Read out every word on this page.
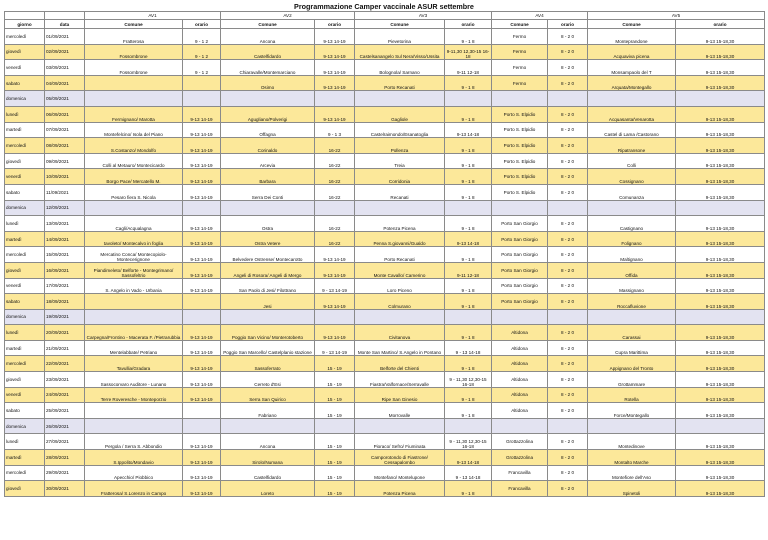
Programmazione Camper vaccinale ASUR settembre
		AV1		AV2		AV3		AV4		AV5	
giorno	data	Comune	orario	Comune	orario	Comune	orario	Comune	orario	Comune	orario
mercoledì	01/09/2021	Fratterosa	9 - 1 2	Ancona	9-13 14-19	Pievetorina	9 - 1 8	Fermo	8 - 2 0	Monteprandone	9-13 15-18,30
giovedì	02/09/2021	Fossombrone	9 - 1 2	Castelfidardo	9-13 14-19	Castelsanangelo Sul Nera/Visso/Ussita	9-11,30 12,30-15 16-18	Fermo	8 - 2 0	Acquaviva picena	9-13 15-18,30
venerdì	03/09/2021	Fossombrone	9 - 1 2	Chiaravalle/Montemarciano	9-13 14-19	Bolognola/ Sarnano	9-11 12-18	Fermo	8 - 2 0	Monsampaolo del T	9-13 15-18,30
sabato	04/09/2021			Osimo	9-13 14-19	Porto Recanati	9 - 1 8	Fermo	8 - 2 0	Arquata/Montegallo	9-13 15-18,30
domenica	05/09/2021										
lunedì	06/09/2021	Fermignano/ Marotta	9-13 14-19	Agugliano/Polverigi	9-13 14-19	Gagliole	9 - 1 8	Porto S. Elpidio	8 - 2 0	Acquasanta/Venarotta	9-13 15-18,30
martedì	07/09/2021	Montefelcino/ Isola del Piano	9-13 14-19	Offagna	9 - 1 3	Castelraimondo/Esanatoglia	9-13 14-18	Porto S. Elpidio	8 - 2 0	Castel di Lama /Castorano	9-13 15-18,30
mercoledì	08/09/2021	S.Costanzo/ Mondolfo	9-13 14-19	Corinaldo	16-22	Pollenza	9 - 1 8	Porto S. Elpidio	8 - 2 0	Ripatransone	9-13 15-18,30
giovedì	09/09/2021	Colli al Metauro/ Montecicardo	9-13 14-19	Arcevia	16-22	Treia	9 - 1 8	Porto S. Elpidio	8 - 2 0	Colli	9-13 15-18,30
venerdì	10/09/2021	Borgo Pace/ Mercatello M.	9-13 14-19	Barbara	16-22	Corridonia	9 - 1 8	Porto S. Elpidio	8 - 2 0	Cossignano	9-13 15-18,30
sabato	11/09/2021	Pesaro fiera S. Nicola	9-13 14-19	Serra Dei Conti	16-22	Recanati	9 - 1 8	Porto S. Elpidio	8 - 2 0	Comunanza	9-13 15-18,30
domenica	12/09/2021										
lunedì	13/09/2021	Cagli/Acqualagna	9-13 14-19	Ostra	16-22	Potenza Picena	9 - 1 8	Porto San Giorgio	8 - 2 0	Castignano	9-13 15-18,30
martedì	14/09/2021	tavoleto/ Montecalvo in foglia	9-13 14-19	Ostra Vetere	16-22	Penna S.giovanni/Gualdo	9-13 14-18	Porto San Giorgio	8 - 2 0	Folignano	9-13 15-18,30
mercoledì	15/09/2021	Mercatino Conca/ Montecopiolo-Montecerignone	9-13 14-19	Belvedere Ostrense/ Montecarotto	9-13 14-19	Porto Recanati	9 - 1 8	Porto San Giorgio	8 - 2 0	Maltignano	9-13 15-18,30
giovedì	16/09/2021	Piandimeleto/ Belforte - Montegrimano/ Sassofeltrio	9-13 14-19	Angeli di Rosora/ Angeli di Mergo	9-13 14-19	Monte Cavallo/ Camerino	9-11 12-18	Porto San Giorgio	8 - 2 0	Offida	9-13 15-18,30
venerdì	17/09/2021	S. Angelo in Vado - Urbania	9-13 14-19	San Paolo di Jesi/ Filottrano	9 - 13 14-19	Loro Piceno	9 - 1 8	Porto San Giorgio	8 - 2 0	Massignano	9-13 15-18,30
sabato	18/09/2021			Jesi	9-13 14-19	Colmurano	9 - 1 8	Porto San Giorgio	8 - 2 0	Roccafluvione	9-13 15-18,30
domenica	19/09/2021										
lunedì	20/09/2021	Carpegna/Frontino - Macerata F. /Pietrarubbia	9-13 14-19	Poggio San Vicino/ Monterotoberto	9-13 14-19	Civitanova	9 - 1 8	Altidona	8 - 2 0	Carassai	9-13 15-18,30
martedì	21/09/2021	Mentelabbate/ Petriano	9-13 14-19	Poggio San Marcello/ Castelplanio stazione	9 - 13 14-19	Monte San Martino/ S.Angelo in Pontano	9 - 13 14-18	Altidona	8 - 2 0	Cupra Marittima	9-13 15-18,30
mercoledì	22/09/2021	Tavullia/Gradara	9-13 14-19	Sassoferrato	15 - 19	Belforte del Chienti	9 - 1 8	Altidona	8 - 2 0	Appignano del Tronto	9-13 15-18,30
giovedì	23/09/2021	Sassocorvaro Auditore - Lunano	9-13 14-19	Cerreto d'Esi	15 - 19	Fiastra/Valfornace/Serravalle	9 - 11,30 12,30-15 16-18	Altidona	8 - 2 0	Grottammare	9-13 15-18,30
venerdì	24/09/2021	Terre Roveresche - Monteporzio	9-13 14-19	Serra San Quirico	15 - 19	Ripe San Ginesio	9 - 1 8	Altidona	8 - 2 0	Rotella	9-13 15-18,30
sabato	25/09/2021			Fabriano	15 - 19	Morrovalle	9 - 1 8	Altidona	8 - 2 0	Force/Montegallo	9-13 15-18,30
domenica	26/09/2021										
lunedì	27/09/2021	Pergola / Serra S. Abbondio	9-13 14-19	Ancona	15 - 19	Pioraco/ Sefro/ Fiuminata	9 - 11,30 12,30-15 16-18	Grottazzolina	8 - 2 0	Montedinove	9-13 15-18,30
martedì	28/09/2021	S.Ippolito/Mondavio	9-13 14-19	Sirolo/Numana	15 - 19	Camporotondo di Fiastrone/ Cessapalombo	9-13 14-18	Grottazzolina	8 - 2 0	Montalto Marche	9-13 15-18,30
mercoledì	29/09/2021	Apecchio/ Piobbico	9-13 14-19	Castelfidardo	15 - 19	Montefano/ Montelupone	9 - 13 14-18	Francavilla	8 - 2 0	Montefiore dell'Aso	9-13 15-18,30
giovedì	30/09/2021	Fratterosa/ S.Lorenzo in Campo	9-13 14-19	Loreto	15 - 19	Potenza Picena	9 - 1 8	Francavilla	8 - 2 0	Spinetoli	9-13 15-18,30
